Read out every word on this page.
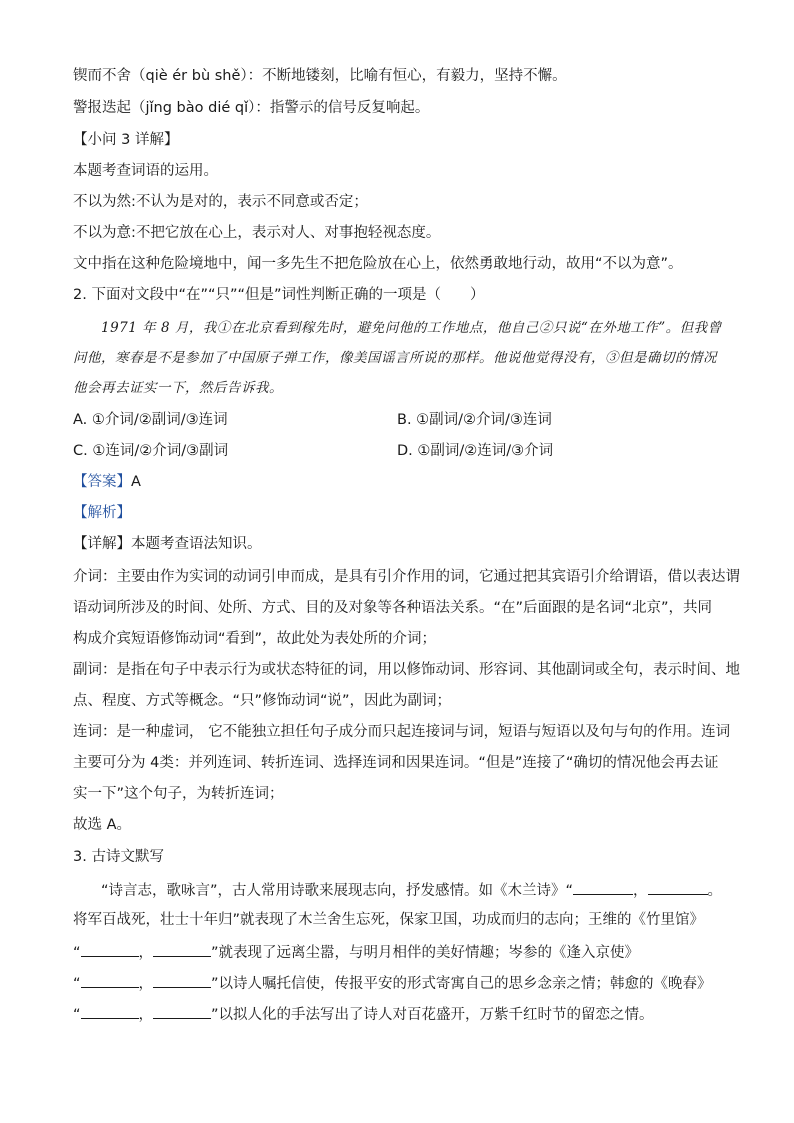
锲而不舍（qiè ér bù shě）：不断地镂刻，比喻有恒心，有毅力，坚持不懈。
警报迭起（jǐng bào dié qǐ）：指警示的信号反复响起。
【小问 3 详解】
本题考查词语的运用。
不以为然:不认为是对的，表示不同意或否定；
不以为意:不把它放在心上，表示对人、对事抱轻视态度。
文中指在这种危险境地中，闻一多先生不把危险放在心上，依然勇敢地行动，故用“不以为意”。
2. 下面对文段中“在”“只”“但是”词性判断正确的一项是（　　）
1971 年 8 月，我①在北京看到稼先时，避免问他的工作地点，他自己②只说“在外地工作”。但我曾
问他，寒春是不是参加了中国原子弹工作，像美国谣言所说的那样。他说他觉得没有，③但是确切的情况
他会再去证实一下，然后告诉我。
A. ①介词/②副词/③连词	B. ①副词/②介词/③连词
C. ①连词/②介词/③副词	D. ①副词/②连词/③介词
【答案】A
【解析】
【详解】本题考查语法知识。
介词：主要由作为实词的动词引申而成，是具有引介作用的词，它通过把其宾语引介给谓语，借以表达谓
语动词所涉及的时间、处所、方式、目的及对象等各种语法关系。“在”后面跟的是名词“北京”，共同
构成介宾短语修饰动词“看到”，故此处为表处所的介词；
副词：是指在句子中表示行为或状态特征的词，用以修饰动词、形容词、其他副词或全句，表示时间、地
点、程度、方式等概念。“只”修饰动词“说”，因此为副词；
连词：是一种虚词， 它不能独立担任句子成分而只起连接词与词，短语与短语以及句与句的作用。连词
主要可分为 4类：并列连词、转折连词、选择连词和因果连词。“但是”连接了“确切的情况他会再去证
实一下”这个句子，为转折连词；
故选 A。
3. 古诗文默写
“诗言志，歌咏言”，古人常用诗歌来展现志向，抒发感情。如《木兰诗》“	，	。
将军百战死，壮士十年归”就表现了木兰舍生忘死，保家卫国，功成而归的志向；王维的《竹里馆》
“	，	”就表现了远离尘嚣，与明月相伴的美好情趣；岑参的《逢入京使》
“	，	”以诗人嘱托信使，传报平安的形式寄寓自己的思乡念亲之情；韩愈的《晚春》
“	，	”以拟人化的手法写出了诗人对百花盛开，万紫千红时节的留恋之情。
